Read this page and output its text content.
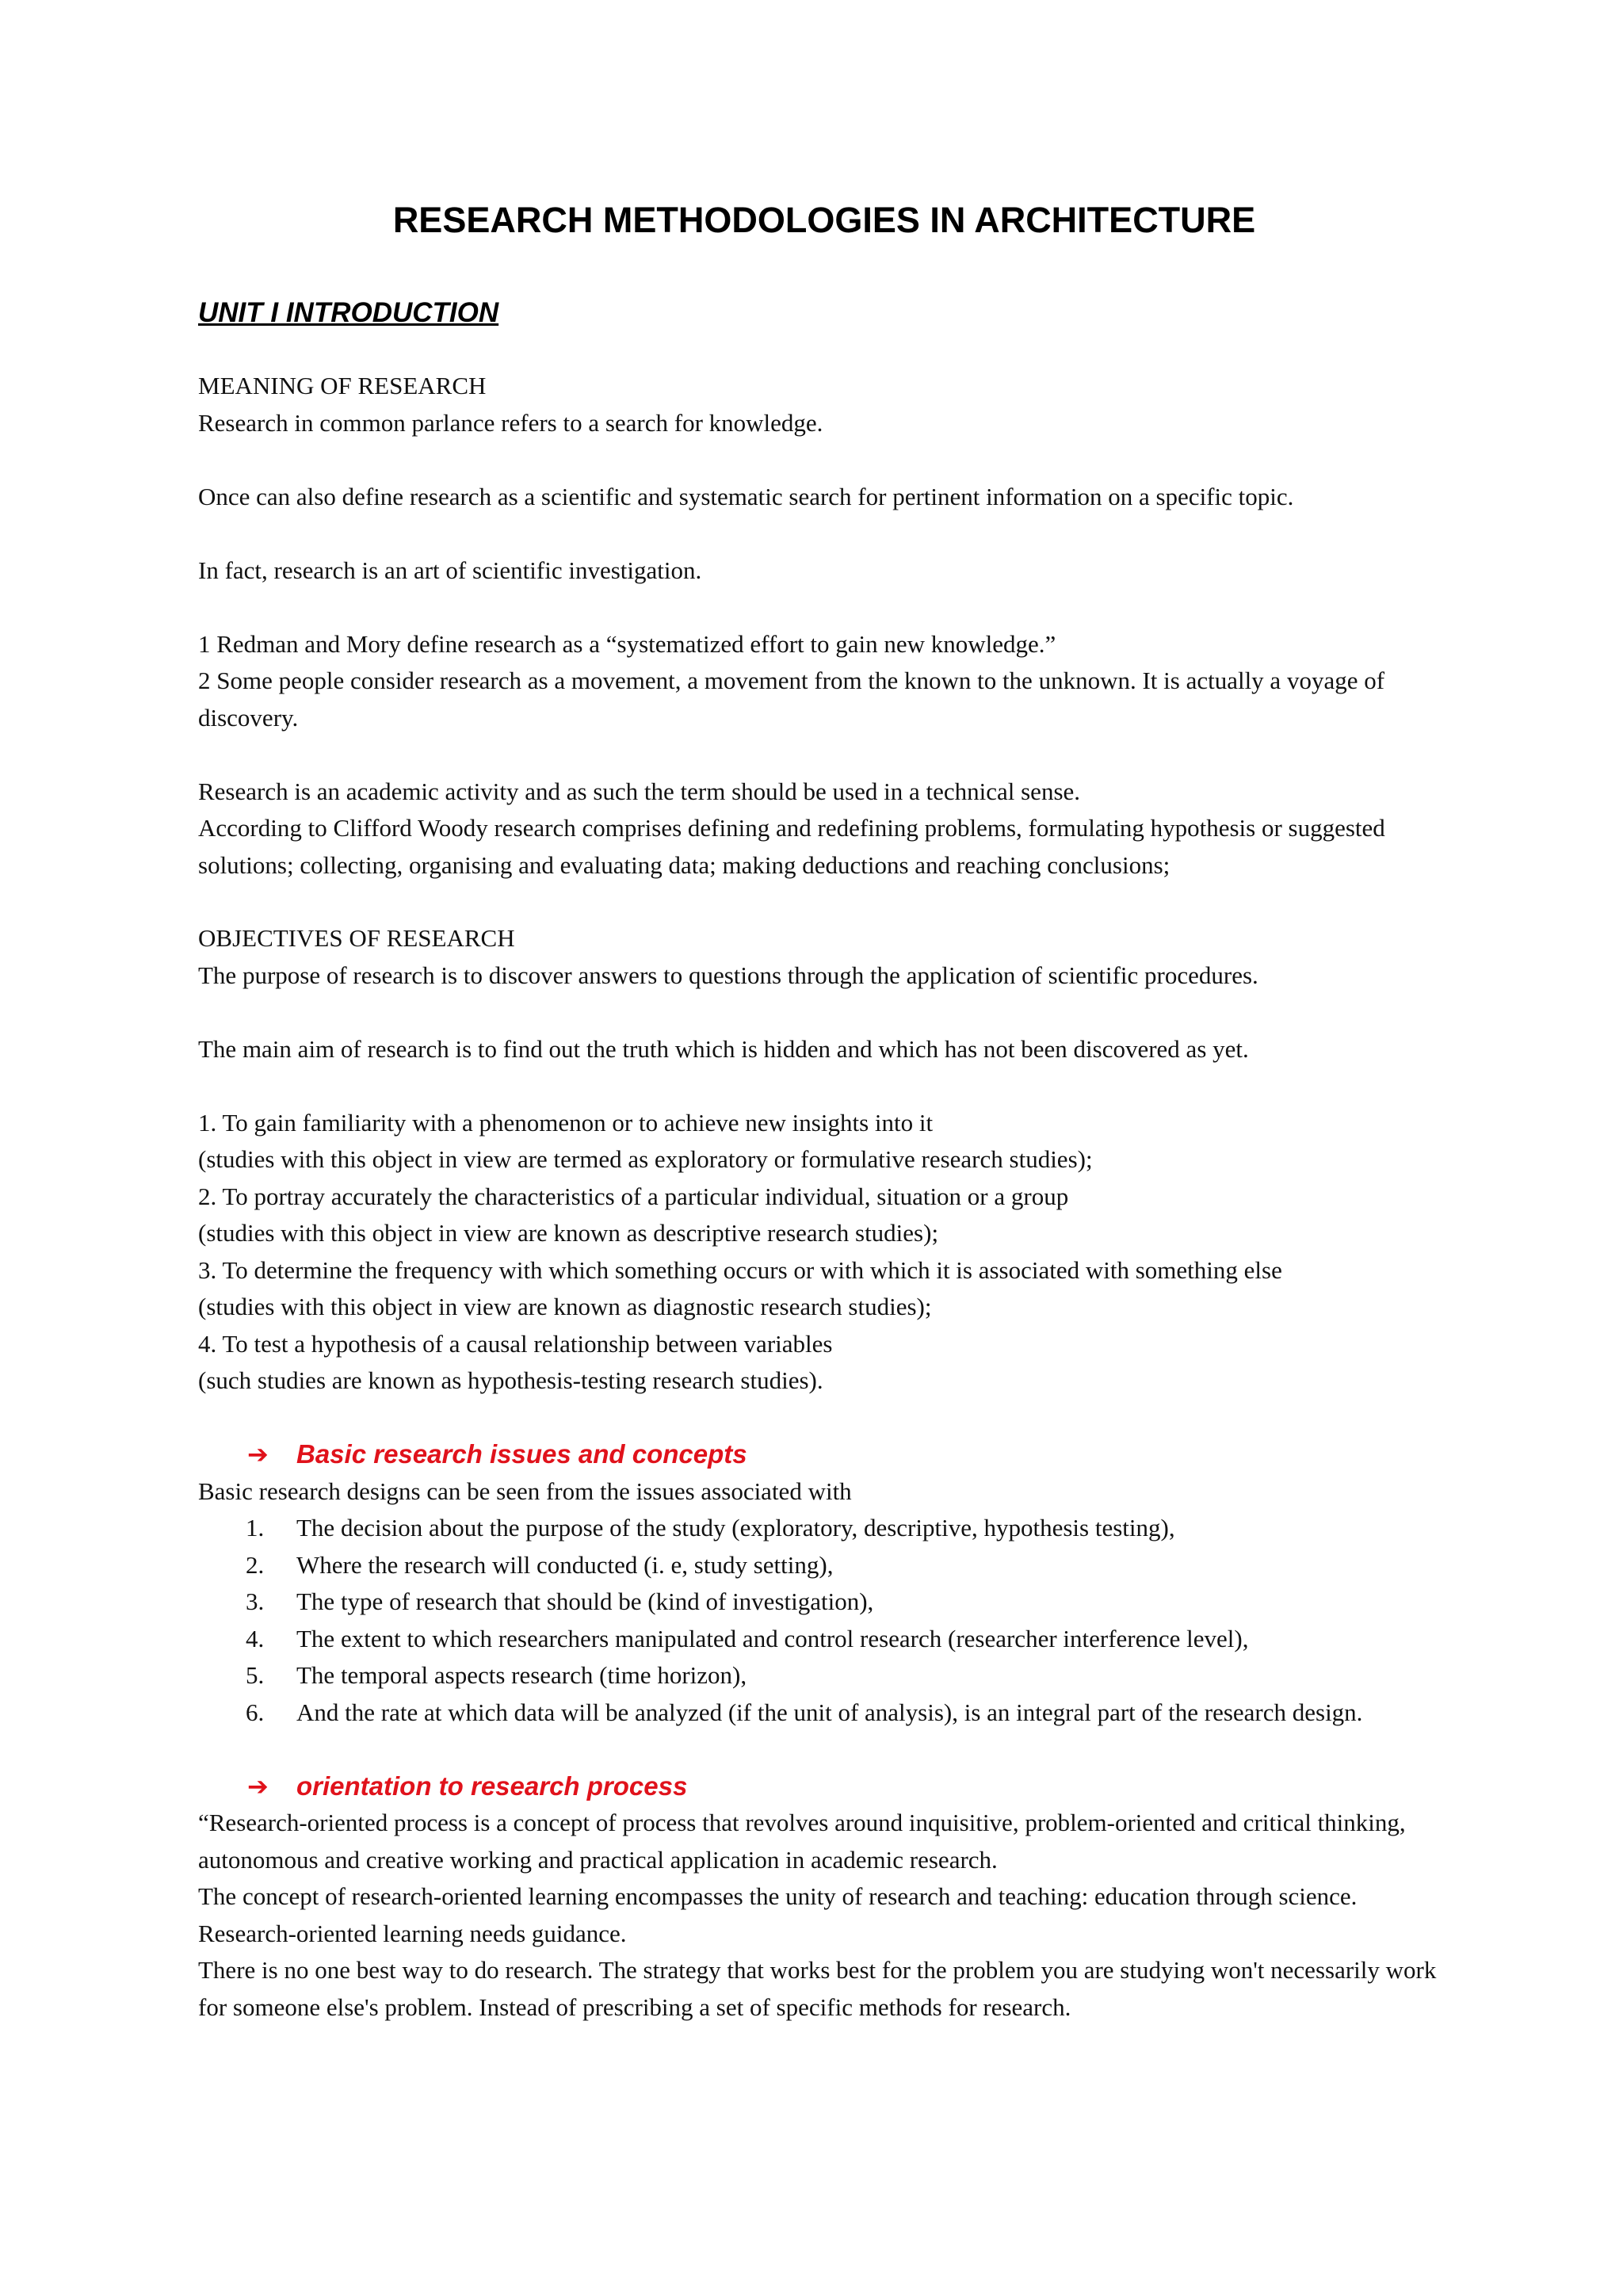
RESEARCH METHODOLOGIES IN ARCHITECTURE
UNIT I INTRODUCTION
MEANING OF RESEARCH

Research in common parlance refers to a search for knowledge.

Once can also define research as a scientific and systematic search for pertinent information on a specific topic.

In fact, research is an art of scientific investigation.

1 Redman and Mory define research as a “systematized effort to gain new knowledge.”
2 Some people consider research as a movement, a movement from the known to the unknown. It is actually a voyage of discovery.

Research is an academic activity and as such the term should be used in a technical sense.
According to Clifford Woody research comprises defining and redefining problems, formulating hypothesis or suggested solutions; collecting, organising and evaluating data; making deductions and reaching conclusions;

OBJECTIVES OF RESEARCH

The purpose of research is to discover answers to questions through the application of scientific procedures.

The main aim of research is to find out the truth which is hidden and which has not been discovered as yet.

1. To gain familiarity with a phenomenon or to achieve new insights into it
(studies with this object in view are termed as exploratory or formulative research studies);
2. To portray accurately the characteristics of a particular individual, situation or a group
(studies with this object in view are known as descriptive research studies);
3. To determine the frequency with which something occurs or with which it is associated with something else
(studies with this object in view are known as diagnostic research studies);
4. To test a hypothesis of a causal relationship between variables
(such studies are known as hypothesis-testing research studies).

➔ Basic research issues and concepts

Basic research designs can be seen from the issues associated with

1.	The decision about the purpose of the study (exploratory, descriptive, hypothesis testing),
2.	Where the research will conducted (i. e, study setting),
3.	The type of research that should be (kind of investigation),
4.	The extent to which researchers manipulated and control research (researcher interference level),
5.	The temporal aspects research (time horizon),
6.	And the rate at which data will be analyzed (if the unit of analysis), is an integral part of the research design.
➔ orientation to research process

“Research-oriented process is a concept of process that revolves around inquisitive, problem-oriented and critical thinking, autonomous and creative working and practical application in academic research.

The concept of research-oriented learning encompasses the unity of research and teaching: education through science. Research-oriented learning needs guidance.

There is no one best way to do research. The strategy that works best for the problem you are studying won't necessarily work for someone else's problem. Instead of prescribing a set of specific methods for research.
